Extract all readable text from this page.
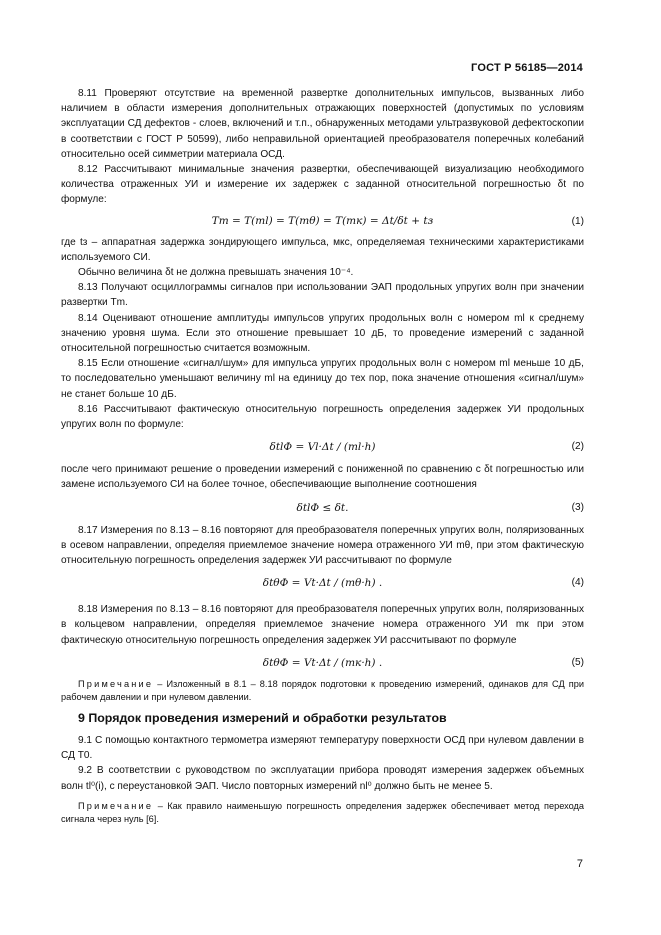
ГОСТ Р 56185—2014

8.11 Проверяют отсутствие на временной развертке дополнительных импульсов, вызванных либо наличием в области измерения дополнительных отражающих поверхностей (допустимых по условиям эксплуатации СД дефектов - слоев, включений и т.п., обнаруженных методами ультразвуковой дефектоскопии в соответствии с ГОСТ Р 50599), либо неправильной ориентацией преобразователя поперечных колебаний относительно осей симметрии материала ОСД.

8.12 Рассчитывают минимальные значения развертки, обеспечивающей визуализацию необходимого количества отраженных УИ и измерение их задержек с заданной относительной погрешностью δt по формуле:

Tm = T(ml) = T(mθ) = T(mк) = Δt/δt + tз	(1)

где tз – аппаратная задержка зондирующего импульса, мкс, определяемая техническими характеристиками используемого СИ.

Обычно величина δt не должна превышать значения 10⁻⁴.

8.13 Получают осциллограммы сигналов при использовании ЭАП продольных упругих волн при значении развертки Tm.

8.14 Оценивают отношение амплитуды импульсов упругих продольных волн с номером ml к среднему значению уровня шума. Если это отношение превышает 10 дБ, то проведение измерений с заданной относительной погрешностью считается возможным.

8.15 Если отношение «сигнал/шум» для импульса упругих продольных волн с номером ml меньше 10 дБ, то последовательно уменьшают величину ml на единицу до тех пор, пока значение отношения «сигнал/шум» не станет больше 10 дБ.

8.16 Рассчитывают фактическую относительную погрешность определения задержек УИ продольных упругих волн по формуле:

δtlФ = Vl·Δt / (ml·h)	(2)

после чего принимают решение о проведении измерений с пониженной по сравнению с δt погрешностью или замене используемого СИ на более точное, обеспечивающие выполнение соотношения

δtlФ ≤ δt.	(3)

8.17 Измерения по 8.13 – 8.16 повторяют для преобразователя поперечных упругих волн, поляризованных в осевом направлении, определяя приемлемое значение номера отраженного УИ mθ, при этом фактическую относительную погрешность определения задержек УИ рассчитывают по формуле

δtθФ = Vt·Δt / (mθ·h) .	(4)

8.18 Измерения по 8.13 – 8.16 повторяют для преобразователя поперечных упругих волн, поляризованных в кольцевом направлении, определяя приемлемое значение номера отраженного УИ mк при этом фактическую относительную погрешность определения задержек УИ рассчитывают по формуле

δtθФ = Vt·Δt / (mк·h) .	(5)
Примечание – Изложенный в 8.1 – 8.18 порядок подготовки к проведению измерений, одинаков для СД при рабочем давлении и при нулевом давлении.
9 Порядок проведения измерений и обработки результатов

9.1 С помощью контактного термометра измеряют температуру поверхности ОСД при нулевом давлении в СД T0.

9.2 В соответствии с руководством по эксплуатации прибора проводят измерения задержек объемных волн tl⁰(i), с переустановкой ЭАП. Число повторных измерений nl⁰ должно быть не менее 5.

Примечание – Как правило наименьшую погрешность определения задержек обеспечивает метод перехода сигнала через нуль [6].
7
